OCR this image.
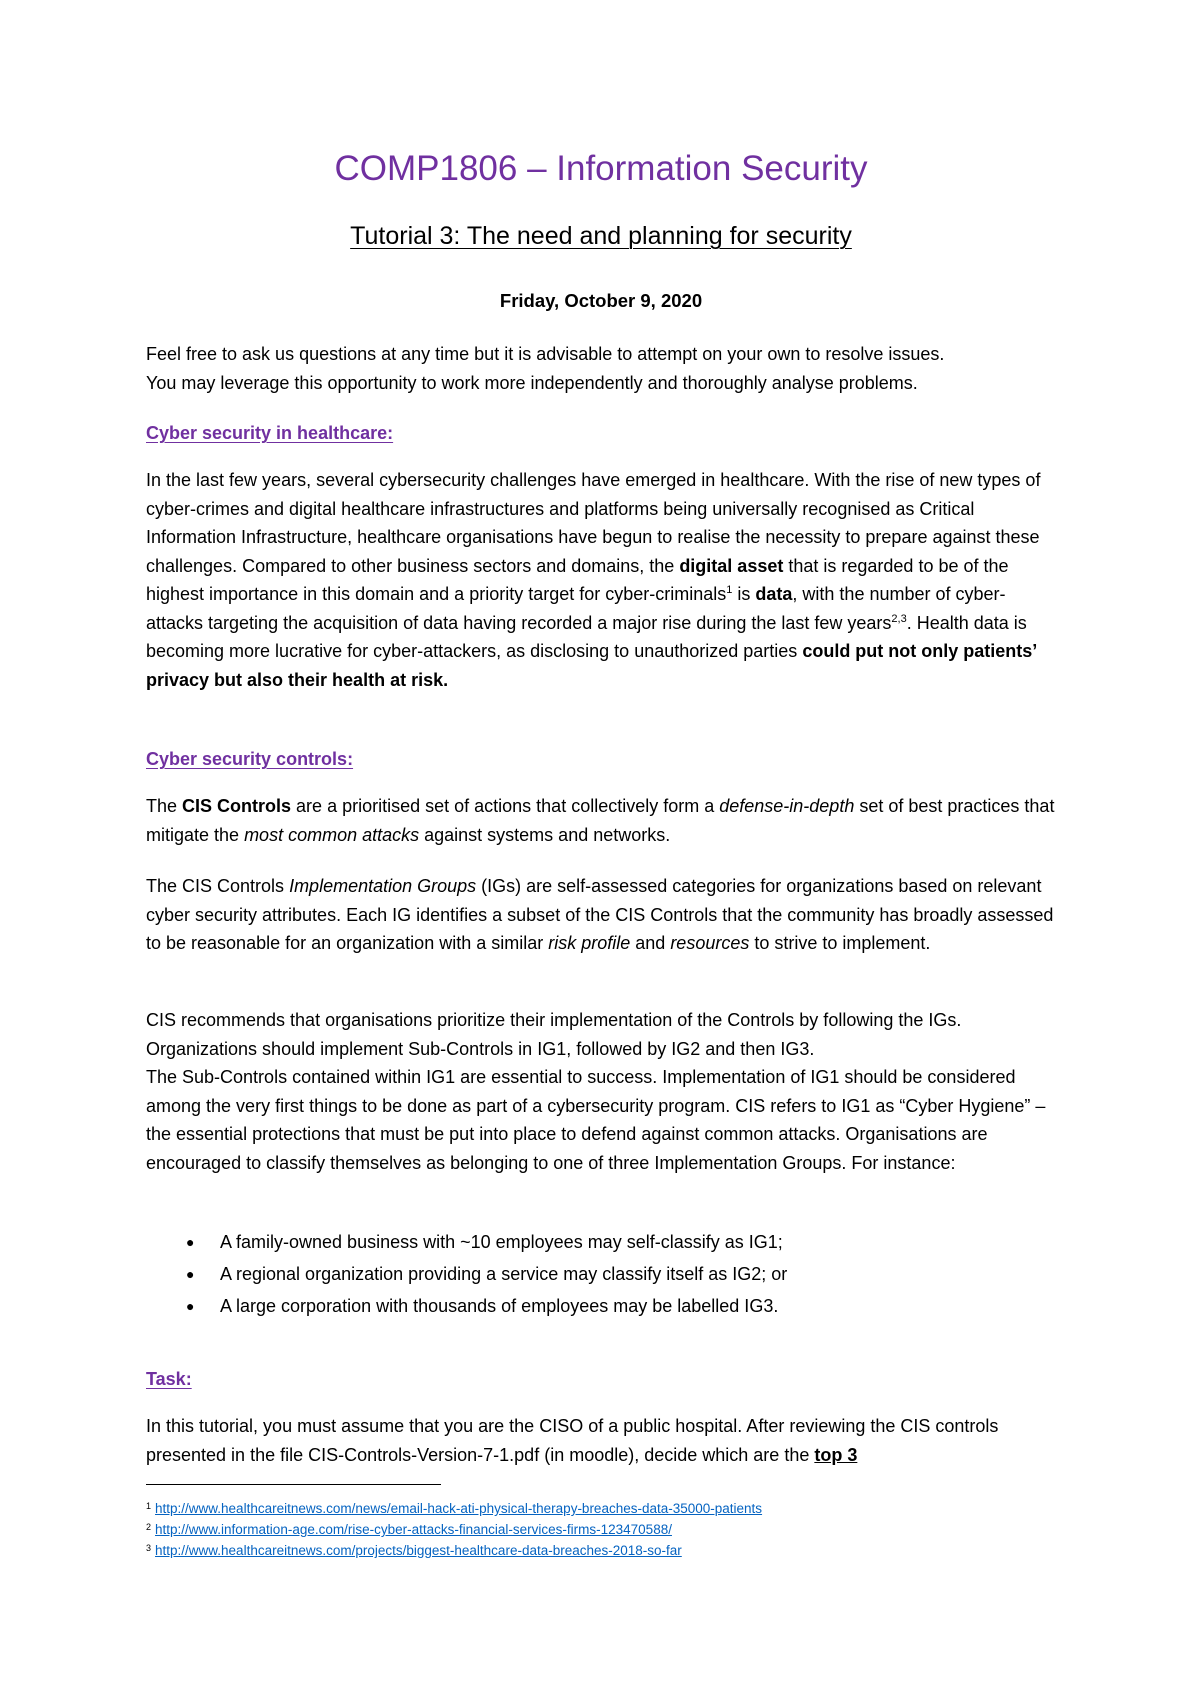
COMP1806 – Information Security
Tutorial 3: The need and planning for security
Friday, October 9, 2020

Feel free to ask us questions at any time but it is advisable to attempt on your own to resolve issues.

You may leverage this opportunity to work more independently and thoroughly analyse problems.

Cyber security in healthcare:

In the last few years, several cybersecurity challenges have emerged in healthcare. With the rise of new types of cyber-crimes and digital healthcare infrastructures and platforms being universally recognised as Critical Information Infrastructure, healthcare organisations have begun to realise the necessity to prepare against these challenges. Compared to other business sectors and domains, the digital asset that is regarded to be of the highest importance in this domain and a priority target for cyber-criminals$^1$ is data, with the number of cyber-attacks targeting the acquisition of data having recorded a major rise during the last few years$^{2,3}$. Health data is becoming more lucrative for cyber-attackers, as disclosing to unauthorized parties could put not only patients’ privacy but also their health at risk.

Cyber security controls:

The CIS Controls are a prioritised set of actions that collectively form a defense-in-depth set of best practices that mitigate the most common attacks against systems and networks.

The CIS Controls Implementation Groups (IGs) are self-assessed categories for organizations based on relevant cyber security attributes. Each IG identifies a subset of the CIS Controls that the community has broadly assessed to be reasonable for an organization with a similar risk profile and resources to strive to implement.

CIS recommends that organisations prioritize their implementation of the Controls by following the IGs. Organizations should implement Sub-Controls in IG1, followed by IG2 and then IG3.

The Sub-Controls contained within IG1 are essential to success. Implementation of IG1 should be considered among the very first things to be done as part of a cybersecurity program. CIS refers to IG1 as “Cyber Hygiene” – the essential protections that must be put into place to defend against common attacks. Organisations are encouraged to classify themselves as belonging to one of three Implementation Groups. For instance:

● A family-owned business with ~10 employees may self-classify as IG1;
● A regional organization providing a service may classify itself as IG2; or
● A large corporation with thousands of employees may be labelled IG3.
Task:

In this tutorial, you must assume that you are the CISO of a public hospital. After reviewing the CIS controls presented in the file CIS-Controls-Version-7-1.pdf (in moodle), decide which are the top 3

$^1$ http://www.healthcareitnews.com/news/email-hack-ati-physical-therapy-breaches-data-35000-patients
$^2$ http://www.information-age.com/rise-cyber-attacks-financial-services-firms-123470588/
$^3$ http://www.healthcareitnews.com/projects/biggest-healthcare-data-breaches-2018-so-far
